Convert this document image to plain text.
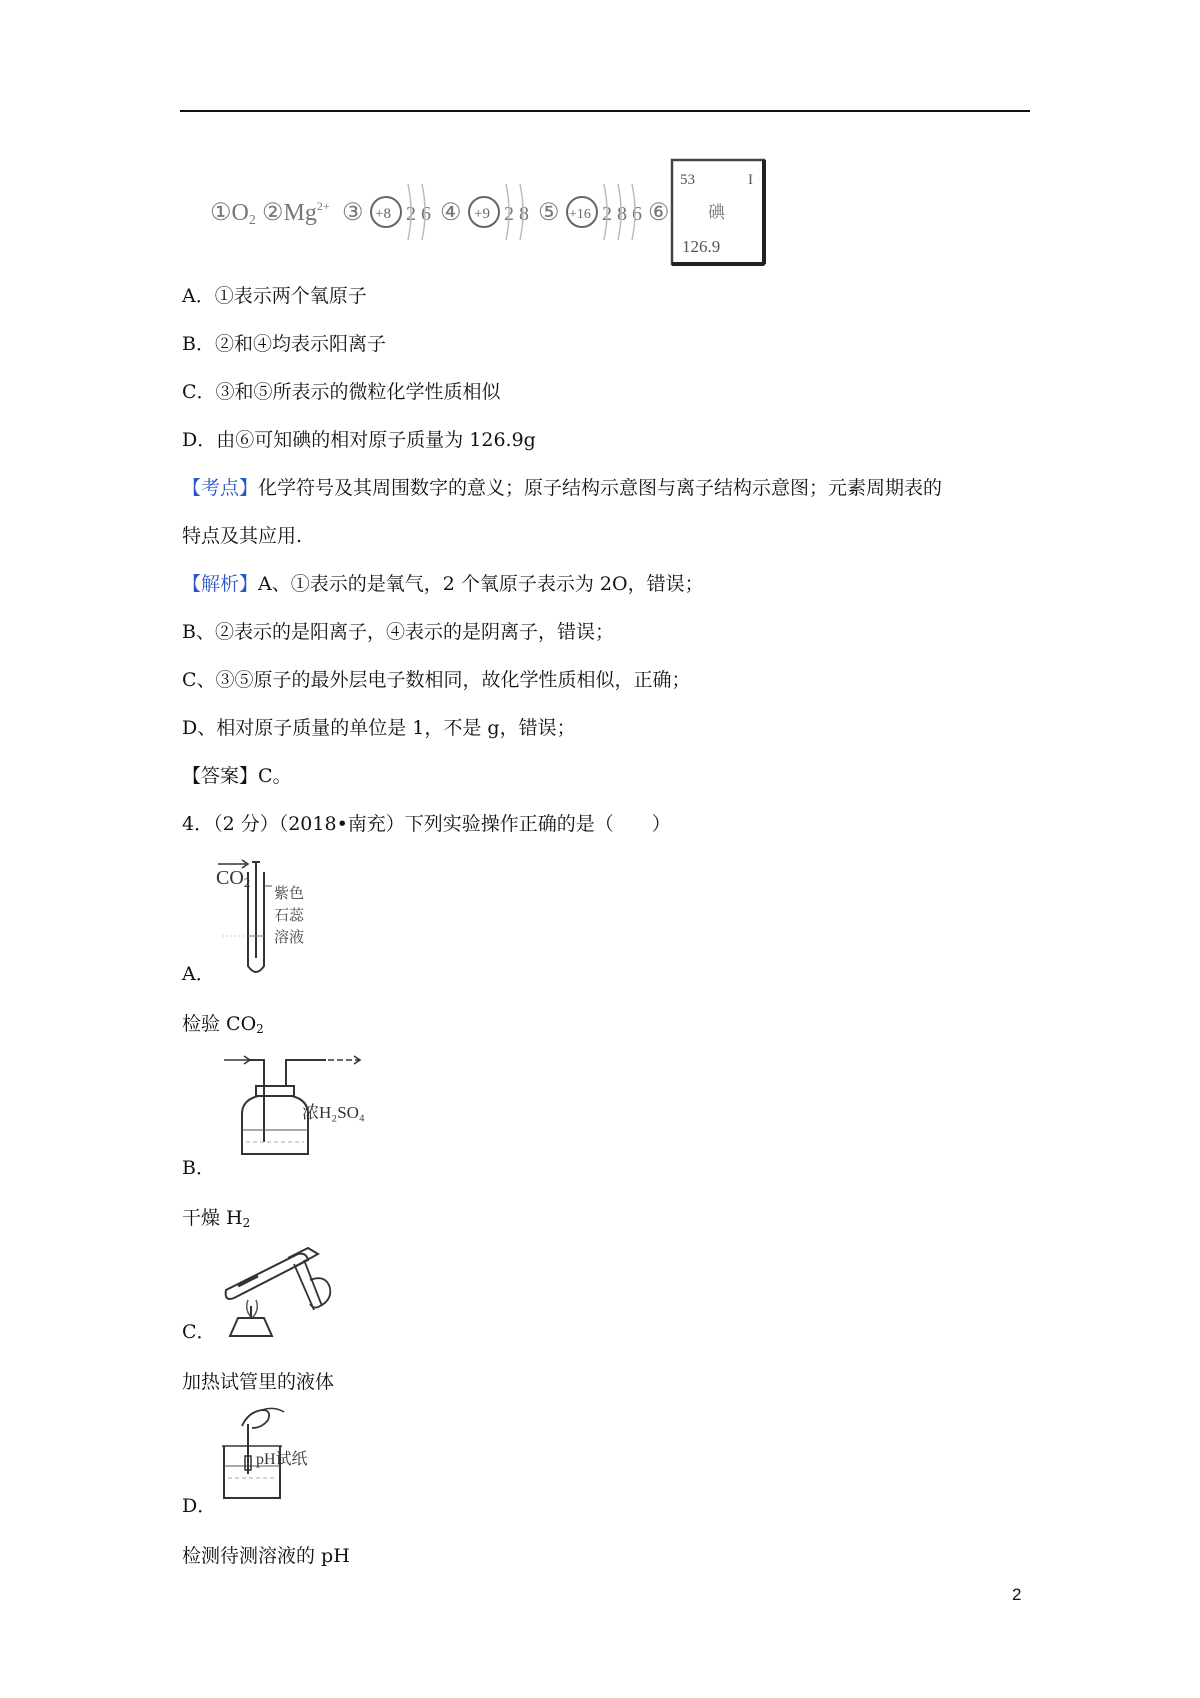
①O2 $②Mg^{2+}$ ③ +8 2 6 ④ +9 2 8 ⑤ +16 2 8 6 ⑥
53	I
碘
126.9
A．①表示两个氧原子
B．②和④均表示阳离子
C．③和⑤所表示的微粒化学性质相似
D．由⑥可知碘的相对原子质量为 126.9g
【考点】化学符号及其周围数字的意义；原子结构示意图与离子结构示意图；元素周期表的
特点及其应用.
【解析】A、①表示的是氧气，2 个氧原子表示为 2O，错误；
B、②表示的是阳离子，④表示的是阴离子，错误；
C、③⑤原子的最外层电子数相同，故化学性质相似，正确；
D、相对原子质量的单位是 1，不是 g，错误；
【答案】C。
4．（2 分）（2018•南充）下列实验操作正确的是（　　）
CO2
紫色
石蕊
溶液
A．
检验 $CO_2$
浓H₂SO₄
B．
干燥 $H_2$
C．
加热试管里的液体
pH试纸
D．
检测待测溶液的 pH
2
